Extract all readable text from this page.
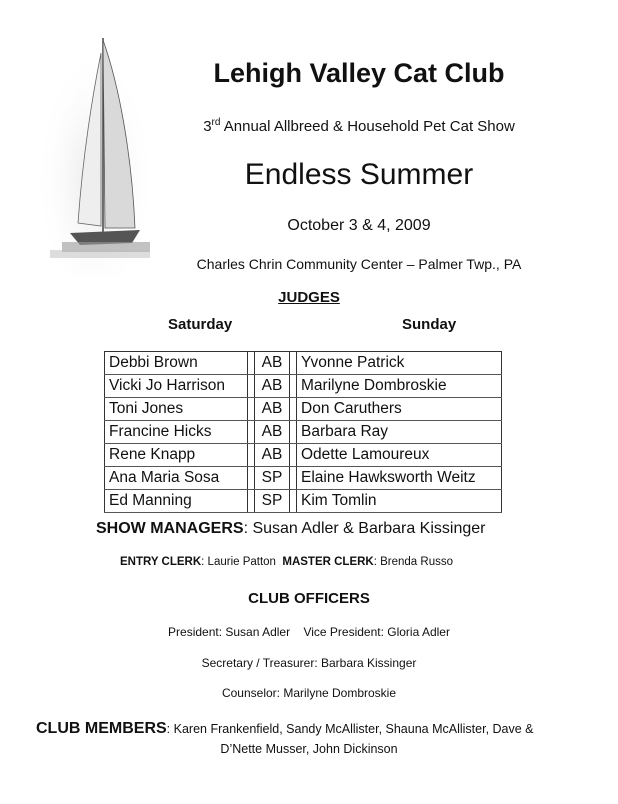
Lehigh Valley Cat Club
3rd Annual Allbreed & Household Pet Cat Show
Endless Summer
October 3 & 4, 2009
Charles Chrin Community Center – Palmer Twp., PA
JUDGES
Saturday	Sunday
Debbi Brown		AB		Yvonne Patrick
Vicki Jo Harrison		AB		Marilyne Dombroskie
Toni Jones		AB		Don Caruthers
Francine Hicks		AB		Barbara Ray
Rene Knapp		AB		Odette Lamoureux
Ana Maria Sosa		SP		Elaine Hawksworth Weitz
Ed Manning		SP		Kim Tomlin
SHOW MANAGERS: Susan Adler & Barbara Kissinger
ENTRY CLERK: Laurie Patton MASTER CLERK: Brenda Russo
CLUB OFFICERS
President: Susan Adler Vice President: Gloria Adler
Secretary / Treasurer: Barbara Kissinger
Counselor: Marilyne Dombroskie
CLUB MEMBERS: Karen Frankenfield, Sandy McAllister, Shauna McAllister, Dave &
D’Nette Musser, John Dickinson
